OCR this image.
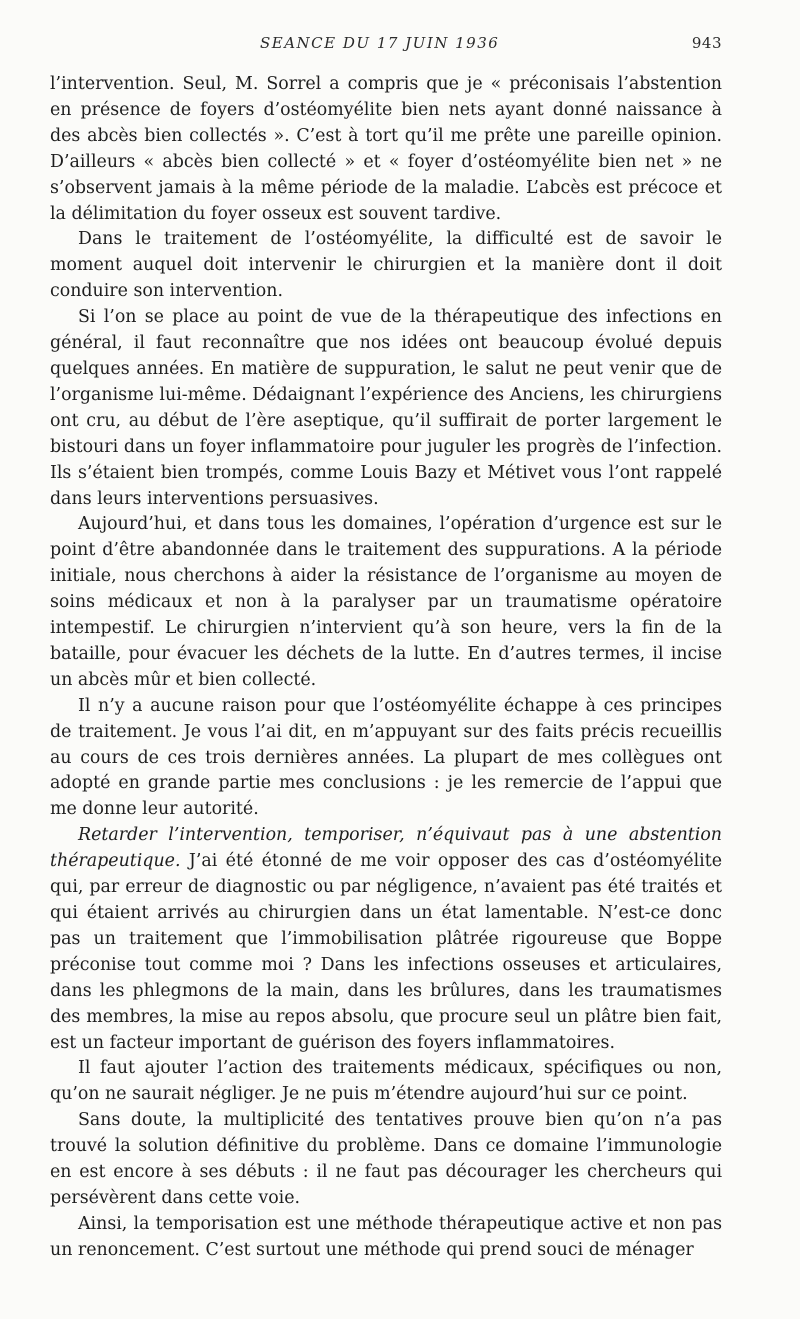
SEANCE DU 17 JUIN 1936	943

l’intervention. Seul, M. Sorrel a compris que je « préconisais l’abstention en présence de foyers d’ostéomyélite bien nets ayant donné naissance à des abcès bien collectés ». C’est à tort qu’il me prête une pareille opinion. D’ailleurs « abcès bien collecté » et « foyer d’ostéomyélite bien net » ne s’observent jamais à la même période de la maladie. L’abcès est précoce et la délimitation du foyer osseux est souvent tardive.

Dans le traitement de l’ostéomyélite, la difficulté est de savoir le moment auquel doit intervenir le chirurgien et la manière dont il doit conduire son intervention.

Si l’on se place au point de vue de la thérapeutique des infections en général, il faut reconnaître que nos idées ont beaucoup évolué depuis quelques années. En matière de suppuration, le salut ne peut venir que de l’organisme lui-même. Dédaignant l’expérience des Anciens, les chirurgiens ont cru, au début de l’ère aseptique, qu’il suffirait de porter largement le bistouri dans un foyer inflammatoire pour juguler les progrès de l’infection. Ils s’étaient bien trompés, comme Louis Bazy et Métivet vous l’ont rappelé dans leurs interventions persuasives.

Aujourd’hui, et dans tous les domaines, l’opération d’urgence est sur le point d’être abandonnée dans le traitement des suppurations. A la période initiale, nous cherchons à aider la résistance de l’organisme au moyen de soins médicaux et non à la paralyser par un traumatisme opératoire intempestif. Le chirurgien n’intervient qu’à son heure, vers la fin de la bataille, pour évacuer les déchets de la lutte. En d’autres termes, il incise un abcès mûr et bien collecté.

Il n’y a aucune raison pour que l’ostéomyélite échappe à ces principes de traitement. Je vous l’ai dit, en m’appuyant sur des faits précis recueillis au cours de ces trois dernières années. La plupart de mes collègues ont adopté en grande partie mes conclusions : je les remercie de l’appui que me donne leur autorité.

Retarder l’intervention, temporiser, n’équivaut pas à une abstention thérapeutique. J’ai été étonné de me voir opposer des cas d’ostéomyélite qui, par erreur de diagnostic ou par négligence, n’avaient pas été traités et qui étaient arrivés au chirurgien dans un état lamentable. N’est-ce donc pas un traitement que l’immobilisation plâtrée rigoureuse que Boppe préconise tout comme moi ? Dans les infections osseuses et articulaires, dans les phlegmons de la main, dans les brûlures, dans les traumatismes des membres, la mise au repos absolu, que procure seul un plâtre bien fait, est un facteur important de guérison des foyers inflammatoires.

Il faut ajouter l’action des traitements médicaux, spécifiques ou non, qu’on ne saurait négliger. Je ne puis m’étendre aujourd’hui sur ce point.

Sans doute, la multiplicité des tentatives prouve bien qu’on n’a pas trouvé la solution définitive du problème. Dans ce domaine l’immunologie en est encore à ses débuts : il ne faut pas décourager les chercheurs qui persévèrent dans cette voie.

Ainsi, la temporisation est une méthode thérapeutique active et non pas un renoncement. C’est surtout une méthode qui prend souci de ménager
